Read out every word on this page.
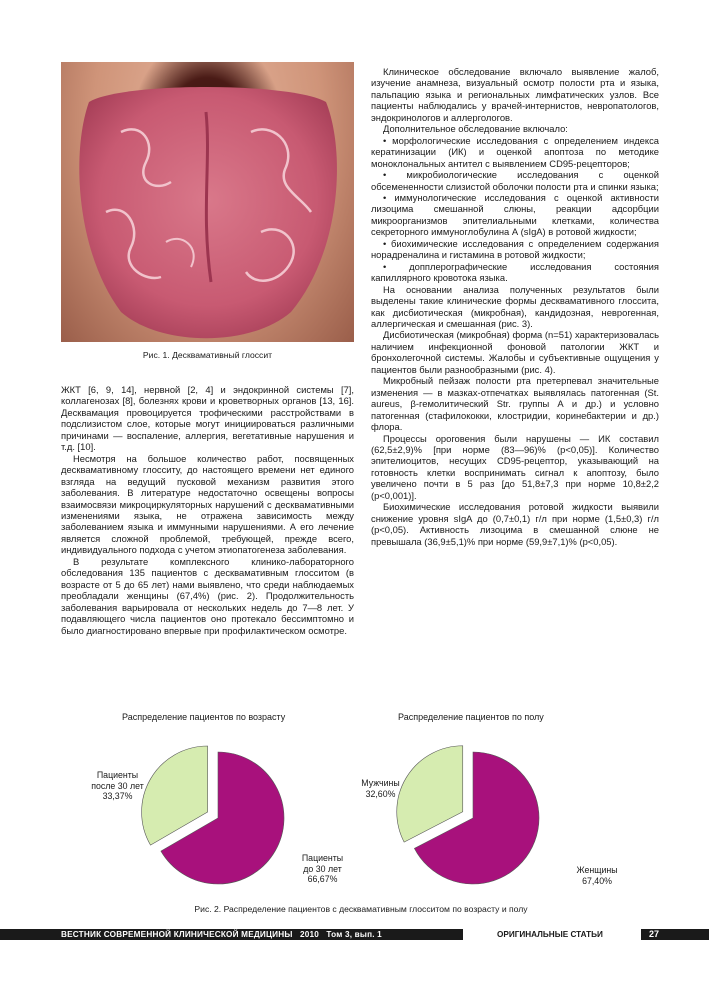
Рис. 1. Десквамативный глоссит

ЖКТ [6, 9, 14], нервной [2, 4] и эндокринной системы [7], коллагенозах [8], болезнях крови и кроветворных органов [13, 16]. Десквамация провоцируется трофическими расстройствами в подслизистом слое, которые могут инициироваться различными причинами — воспаление, аллергия, вегетативные нарушения и т.д. [10].

Несмотря на большое количество работ, посвященных десквамативному глосситу, до настоящего времени нет единого взгляда на ведущий пусковой механизм развития этого заболевания. В литературе недостаточно освещены вопросы взаимосвязи микроциркуляторных нарушений с десквамативными изменениями языка, не отражена зависимость между заболеванием языка и иммунными нарушениями. А его лечение является сложной проблемой, требующей, прежде всего, индивидуального подхода с учетом этиопатогенеза заболевания.

В результате комплексного клинико-лабораторного обследования 135 пациентов с десквамативным глосситом (в возрасте от 5 до 65 лет) нами выявлено, что среди наблюдаемых преобладали женщины (67,4%) (рис. 2). Продолжительность заболевания варьировала от нескольких недель до 7—8 лет. У подавляющего числа пациентов оно протекало бессимптомно и было диагностировано впервые при профилактическом осмотре.

Клиническое обследование включало выявление жалоб, изучение анамнеза, визуальный осмотр полости рта и языка, пальпацию языка и региональных лимфатических узлов. Все пациенты наблюдались у врачей-интернистов, невропатологов, эндокринологов и аллергологов.

Дополнительное обследование включало:

• морфологические исследования с определением индекса кератинизации (ИК) и оценкой апоптоза по методике моноклональных антител с выявлением CD95-рецепторов;

• микробиологические исследования с оценкой обсемененности слизистой оболочки полости рта и спинки языка;

• иммунологические исследования с оценкой активности лизоцима смешанной слюны, реакции адсорбции микроорганизмов эпителиальными клетками, количества секреторного иммуноглобулина А (sIgA) в ротовой жидкости;

• биохимические исследования с определением содержания норадреналина и гистамина в ротовой жидкости;

• допплерографические исследования состояния капиллярного кровотока языка.

На основании анализа полученных результатов были выделены такие клинические формы десквамативного глоссита, как дисбиотическая (микробная), кандидозная, неврогенная, аллергическая и смешанная (рис. 3).

Дисбиотическая (микробная) форма (n=51) характеризовалась наличием инфекционной фоновой патологии ЖКТ и бронхолегочной системы. Жалобы и субъективные ощущения у пациентов были разнообразными (рис. 4).

Микробный пейзаж полости рта претерпевал значительные изменения — в мазках-отпечатках выявлялась патогенная (St. aureus, β-гемолитический Str. группы А и др.) и условно патогенная (стафилококки, клостридии, коринебактерии и др.) флора.

Процессы ороговения были нарушены — ИК составил (62,5±2,9)% [при норме (83—96)% (p<0,05)]. Количество эпителиоцитов, несущих CD95-рецептор, указывающий на готовность клетки воспринимать сигнал к апоптозу, было увеличено почти в 5 раз [до 51,8±7,3 при норме 10,8±2,2 (p<0,001)].

Биохимические исследования ротовой жидкости выявили снижение уровня sIgA до (0,7±0,1) г/л при норме (1,5±0,3) г/л (p<0,05). Активность лизоцима в смешанной слюне не превышала (36,9±5,1)% при норме (59,9±7,1)% (p<0,05).

Распределение пациентов по возрасту
Пациенты
после 30 лет
33,37%
Пациенты
до 30 лет
66,67%
Распределение пациентов по полу
Мужчины
32,60%
Женщины
67,40%
Рис. 2. Распределение пациентов с десквамативным глосситом по возрасту и полу
ВЕСТНИК СОВРЕМЕННОЙ КЛИНИЧЕСКОЙ МЕДИЦИНЫ   2010   Том 3, вып. 1	ОРИГИНАЛЬНЫЕ СТАТЬИ	27
